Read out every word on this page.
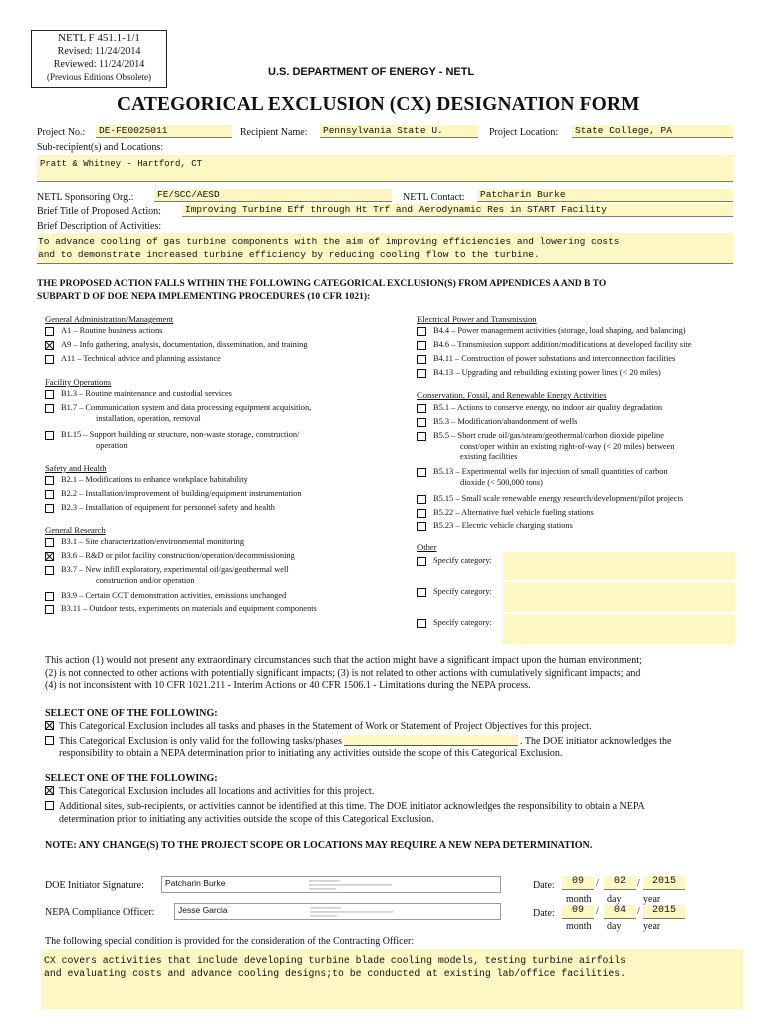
NETL F 451.1-1/1
Revised: 11/24/2014
Reviewed: 11/24/2014
(Previous Editions Obsolete)	U.S. DEPARTMENT OF ENERGY - NETL
CATEGORICAL EXCLUSION (CX) DESIGNATION FORM
Project No.:	DE-FE0025011	Recipient Name:	Pennsylvania State U.	Project Location:	State College, PA
Sub-recipient(s) and Locations:
Pratt & Whitney - Hartford, CT
NETL Sponsoring Org.:	FE/SCC/AESD	NETL Contact:	Patcharin Burke
Brief Title of Proposed Action:	Improving Turbine Eff through Ht Trf and Aerodynamic Res in START Facility
Brief Description of Activities:
To advance cooling of gas turbine components with the aim of improving efficiencies and lowering costs
and to demonstrate increased turbine efficiency by reducing cooling flow to the turbine.
THE PROPOSED ACTION FALLS WITHIN THE FOLLOWING CATEGORICAL EXCLUSION(S) FROM APPENDICES A AND B TO
SUBPART D OF DOE NEPA IMPLEMENTING PROCEDURES (10 CFR 1021):
General Administration/Management
A1 – Routine business actions
A9 – Info gathering, analysis, documentation, dissemination, and training
A11 – Technical advice and planning assistance
Facility Operations
B1.3 – Routine maintenance and custodial services
B1.7 – Communication system and data processing equipment acquisition,
installation, operation, removal
B1.15 – Support building or structure, non-waste storage, construction/
operation
Safety and Health
B2.1 – Modifications to enhance workplace habitability
B2.2 – Installation/improvement of building/equipment instrumentation
B2.3 – Installation of equipment for personnel safety and health
General Research
B3.1 – Site characterization/environmental monitoring
B3.6 – R&D or pilot facility construction/operation/decommissioning
B3.7 – New infill exploratory, experimental oil/gas/geothermal well
construction and/or operation
B3.9 – Certain CCT demonstration activities, emissions unchanged
B3.11 – Outdoor tests, experiments on materials and equipment components
Electrical Power and Transmission
B4.4 – Power management activities (storage, load shaping, and balancing)
B4.6 – Transmission support addition/modifications at developed facility site
B4.11 – Construction of power substations and interconnection facilities
B4.13 – Upgrading and rebuilding existing power lines (< 20 miles)
Conservation, Fossil, and Renewable Energy Activities
B5.1 – Actions to conserve energy, no indoor air quality degradation
B5.3 – Modification/abandonment of wells
B5.5 – Short crude oil/gas/steam/geothermal/carbon dioxide pipeline
const/oper within an existing right-of-way (< 20 miles) between
existing facilities
B5.13 – Experimental wells for injection of small quantities of carbon
dioxide (< 500,000 tons)
B5.15 – Small scale renewable energy research/development/pilot projects
B5.22 – Alternative fuel vehicle fueling stations
B5.23 – Electric vehicle charging stations
Other
Specify category:
Specify category:
Specify category:
This action (1) would not present any extraordinary circumstances such that the action might have a significant impact upon the human environment;
(2) is not connected to other actions with potentially significant impacts; (3) is not related to other actions with cumulatively significant impacts; and
(4) is not inconsistent with 10 CFR 1021.211 - Interim Actions or 40 CFR 1506.1 - Limitations during the NEPA process.
SELECT ONE OF THE FOLLOWING:
This Categorical Exclusion includes all tasks and phases in the Statement of Work or Statement of Project Objectives for this project.
This Categorical Exclusion is only valid for the following tasks/phases	. The DOE initiator acknowledges the
responsibility to obtain a NEPA determination prior to initiating any activities outside the scope of this Categorical Exclusion.
SELECT ONE OF THE FOLLOWING:
This Categorical Exclusion includes all locations and activities for this project.
Additional sites, sub-recipients, or activities cannot be identified at this time. The DOE initiator acknowledges the responsibility to obtain a NEPA
determination prior to initiating any activities outside the scope of this Categorical Exclusion.
NOTE: ANY CHANGE(S) TO THE PROJECT SCOPE OR LOCATIONS MAY REQUIRE A NEW NEPA DETERMINATION.
DOE Initiator Signature:	Patcharin Burke	━━━━━━━━━━━━━━━━━
━━━━━━━━━━━━━━━━━━━━━━━━━━━━━━━━━━━━━━━━━━━━━━
━━━━━━━━━━━━━━━
NEPA Compliance Officer:	Jesse Garcia	━━━━━━━━━━━━━━━━━
━━━━━━━━━━━━━━━━━━━━━━━━━━━━━━━━━━━━━━━━━━━━━━
━━━━━━━━━━━━━━━
Date:	09	/	02	/	2015
month day year
Date:	09	/	04	/	2015
month day year
The following special condition is provided for the consideration of the Contracting Officer:
CX covers activities that include developing turbine blade cooling models, testing turbine airfoils
and evaluating costs and advance cooling designs;to be conducted at existing lab/office facilities.
